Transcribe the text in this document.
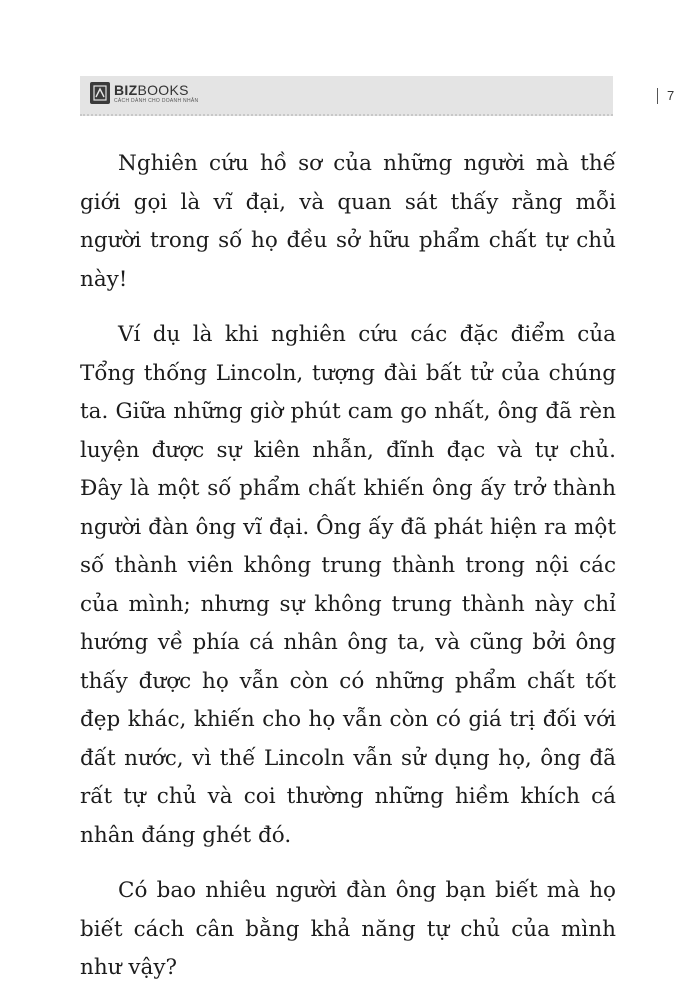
BIZBOOKS
CÁCH DÀNH CHO DOANH NHÂN	7

Nghiên cứu hồ sơ của những người mà thế giới gọi là vĩ đại, và quan sát thấy rằng mỗi người trong số họ đều sở hữu phẩm chất tự chủ này!

Ví dụ là khi nghiên cứu các đặc điểm của Tổng thống Lincoln, tượng đài bất tử của chúng ta. Giữa những giờ phút cam go nhất, ông đã rèn luyện được sự kiên nhẫn, đĩnh đạc và tự chủ. Đây là một số phẩm chất khiến ông ấy trở thành người đàn ông vĩ đại. Ông ấy đã phát hiện ra một số thành viên không trung thành trong nội các của mình; nhưng sự không trung thành này chỉ hướng về phía cá nhân ông ta, và cũng bởi ông thấy được họ vẫn còn có những phẩm chất tốt đẹp khác, khiến cho họ vẫn còn có giá trị đối với đất nước, vì thế Lincoln vẫn sử dụng họ, ông đã rất tự chủ và coi thường những hiềm khích cá nhân đáng ghét đó.

Có bao nhiêu người đàn ông bạn biết mà họ biết cách cân bằng khả năng tự chủ của mình như vậy?
